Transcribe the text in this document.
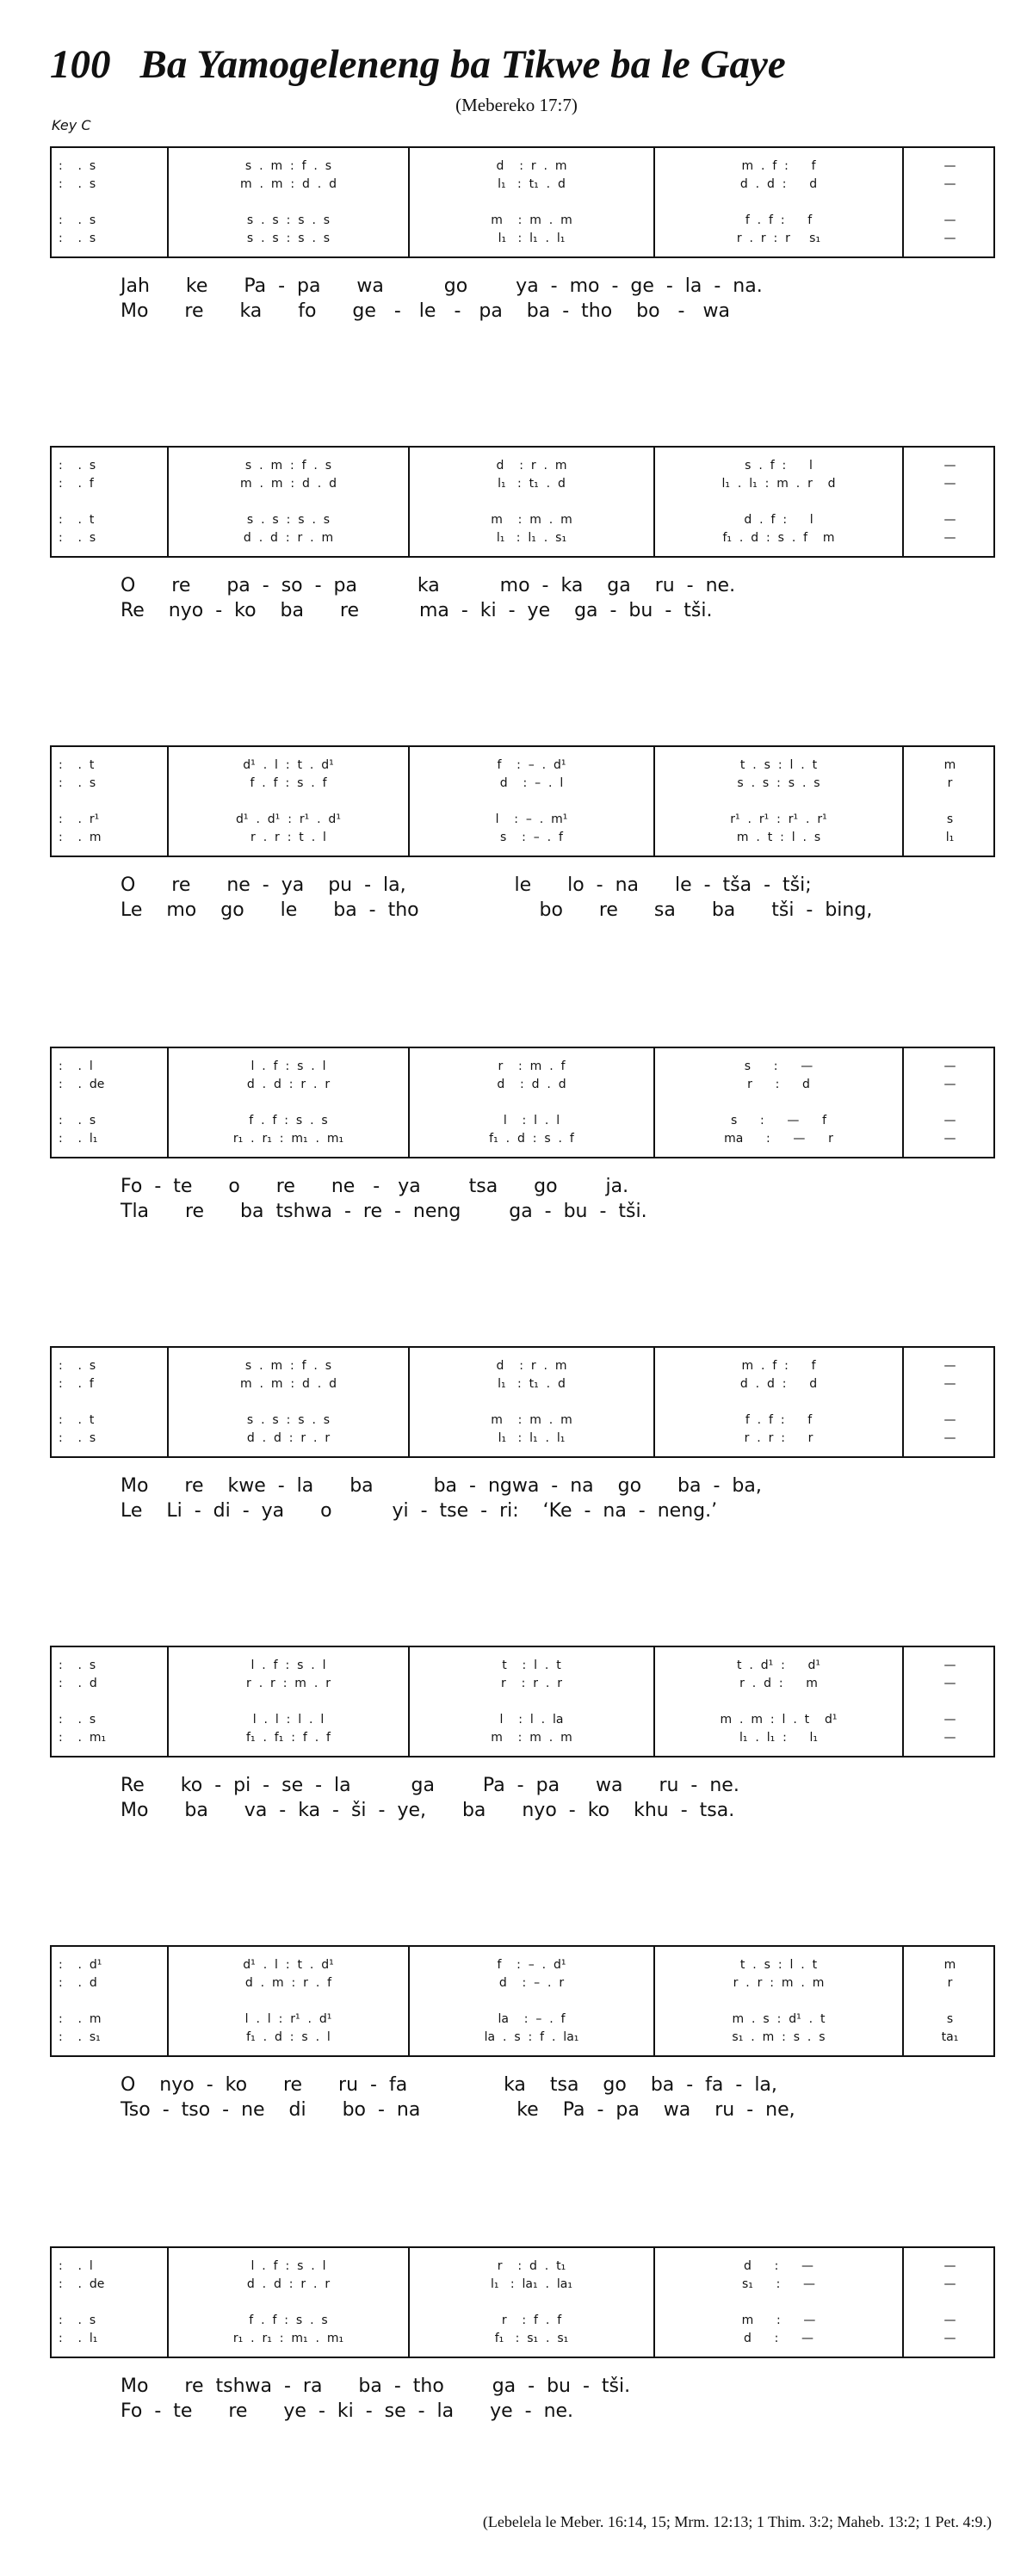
100 Ba Yamogeleneng ba Tikwe ba le Gaye
(Mebereko 17:7)
Key C
:    .  s	s  .  m  :  f  .  s	d    :  r  .  m	m  .  f  :      f	—
:    .  s	m  .  m  :  d  .  d	l₁   :  t₁  .  d	d  .  d  :      d	—
:    .  s	s  .  s  :  s  .  s	m    :  m  .  m	f  .  f  :      f	—
:    .  s	s  .  s  :  s  .  s	l₁   :  l₁  .  l₁	r  .  r  :  r     s₁	—
Jah      ke      Pa  -  pa      wa          go        ya  -  mo  -  ge  -  la  -  na.
Mo      re      ka      fo      ge   -   le   -   pa    ba  -  tho    bo   -   wa
:    .  s	s  .  m  :  f  .  s	d    :  r  .  m	s  .  f  :      l	—
:    .  f	m  .  m  :  d  .  d	l₁   :  t₁  .  d	l₁  .  l₁  :  m  .  r    d	—
:    .  t	s  .  s  :  s  .  s	m    :  m  .  m	d  .  f  :      l	—
:    .  s	d  .  d  :  r  .  m	l₁   :  l₁  .  s₁	f₁  .  d  :  s  .  f    m	—
O      re      pa  -  so  -  pa          ka          mo  -  ka    ga    ru  -  ne.
Re    nyo  -  ko    ba      re          ma  -  ki  -  ye    ga  -  bu  -  tši.
:    .  t	d¹  .  l  :  t  .  d¹	f    :  –  .  d¹	t  .  s  :  l  .  t	m
:    .  s	f  .  f  :  s  .  f	d    :  –  .  l	s  .  s  :  s  .  s	r
:    .  r¹	d¹  .  d¹  :  r¹  .  d¹	l    :  –  .  m¹	r¹  .  r¹  :  r¹  .  r¹	s
:    .  m	r  .  r  :  t  .  l	s    :  –  .  f	m  .  t  :  l  .  s	l₁
O      re      ne  -  ya    pu  -  la,                  le      lo  -  na      le  -  tša  -  tši;
Le    mo    go      le      ba  -  tho                    bo      re      sa      ba      tši  -  bing,
:    .  l	l  .  f  :  s  .  l	r    :  m  .  f	s      :      —	—
:    .  de	d  .  d  :  r  .  r	d    :  d  .  d	r      :      d	—
:    .  s	f  .  f  :  s  .  s	l    :  l  .  l	s      :      —      f	—
:    .  l₁	r₁  .  r₁  :  m₁  .  m₁	f₁  .  d  :  s  .  f	ma      :      —      r	—
Fo  -  te      o      re      ne   -   ya        tsa      go        ja.
Tla      re      ba  tshwa  -  re  -  neng        ga  -  bu  -  tši.
:    .  s	s  .  m  :  f  .  s	d    :  r  .  m	m  .  f  :      f	—
:    .  f	m  .  m  :  d  .  d	l₁   :  t₁  .  d	d  .  d  :      d	—
:    .  t	s  .  s  :  s  .  s	m    :  m  .  m	f  .  f  :      f	—
:    .  s	d  .  d  :  r  .  r	l₁   :  l₁  .  l₁	r  .  r  :      r	—
Mo      re    kwe  -  la      ba          ba  -  ngwa  -  na    go      ba  -  ba,
Le    Li  -  di  -  ya      o          yi  -  tse  -  ri:    ‘Ke  -  na  -  neng.’
:    .  s	l  .  f  :  s  .  l	t    :  l  .  t	t  .  d¹  :      d¹	—
:    .  d	r  .  r  :  m  .  r	r    :  r  .  r	r  .  d  :      m	—
:    .  s	l  .  l  :  l  .  l	l    :  l  .  la	m  .  m  :  l  .  t    d¹	—
:    .  m₁	f₁  .  f₁  :  f  .  f	m    :  m  .  m	l₁  .  l₁  :      l₁	—
Re      ko  -  pi  -  se  -  la          ga        Pa  -  pa      wa      ru  -  ne.
Mo      ba      va  -  ka  -  ši  -  ye,      ba      nyo  -  ko    khu  -  tsa.
:    .  d¹	d¹  .  l  :  t  .  d¹	f    :  –  .  d¹	t  .  s  :  l  .  t	m
:    .  d	d  .  m  :  r  .  f	d    :  –  .  r	r  .  r  :  m  .  m	r
:    .  m	l  .  l  :  r¹  .  d¹	la    :  –  .  f	m  .  s  :  d¹  .  t	s
:    .  s₁	f₁  .  d  :  s  .  l	la  .  s  :  f  .  la₁	s₁  .  m  :  s  .  s	ta₁
O    nyo  -  ko      re      ru  -  fa                ka    tsa    go    ba  -  fa  -  la,
Tso  -  tso  -  ne    di      bo  -  na                ke    Pa  -  pa    wa    ru  -  ne,
:    .  l	l  .  f  :  s  .  l	r    :  d  .  t₁	d      :      —	—
:    .  de	d  .  d  :  r  .  r	l₁   :  la₁  .  la₁	s₁      :      —	—
:    .  s	f  .  f  :  s  .  s	r    :  f  .  f	m      :      —	—
:    .  l₁	r₁  .  r₁  :  m₁  .  m₁	f₁   :  s₁  .  s₁	d      :      —	—
Mo      re  tshwa  -  ra      ba  -  tho        ga  -  bu  -  tši.
Fo  -  te      re      ye  -  ki  -  se  -  la      ye  -  ne.
(Lebelela le Meber. 16:14, 15; Mrm. 12:13; 1 Thim. 3:2; Maheb. 13:2; 1 Pet. 4:9.)
